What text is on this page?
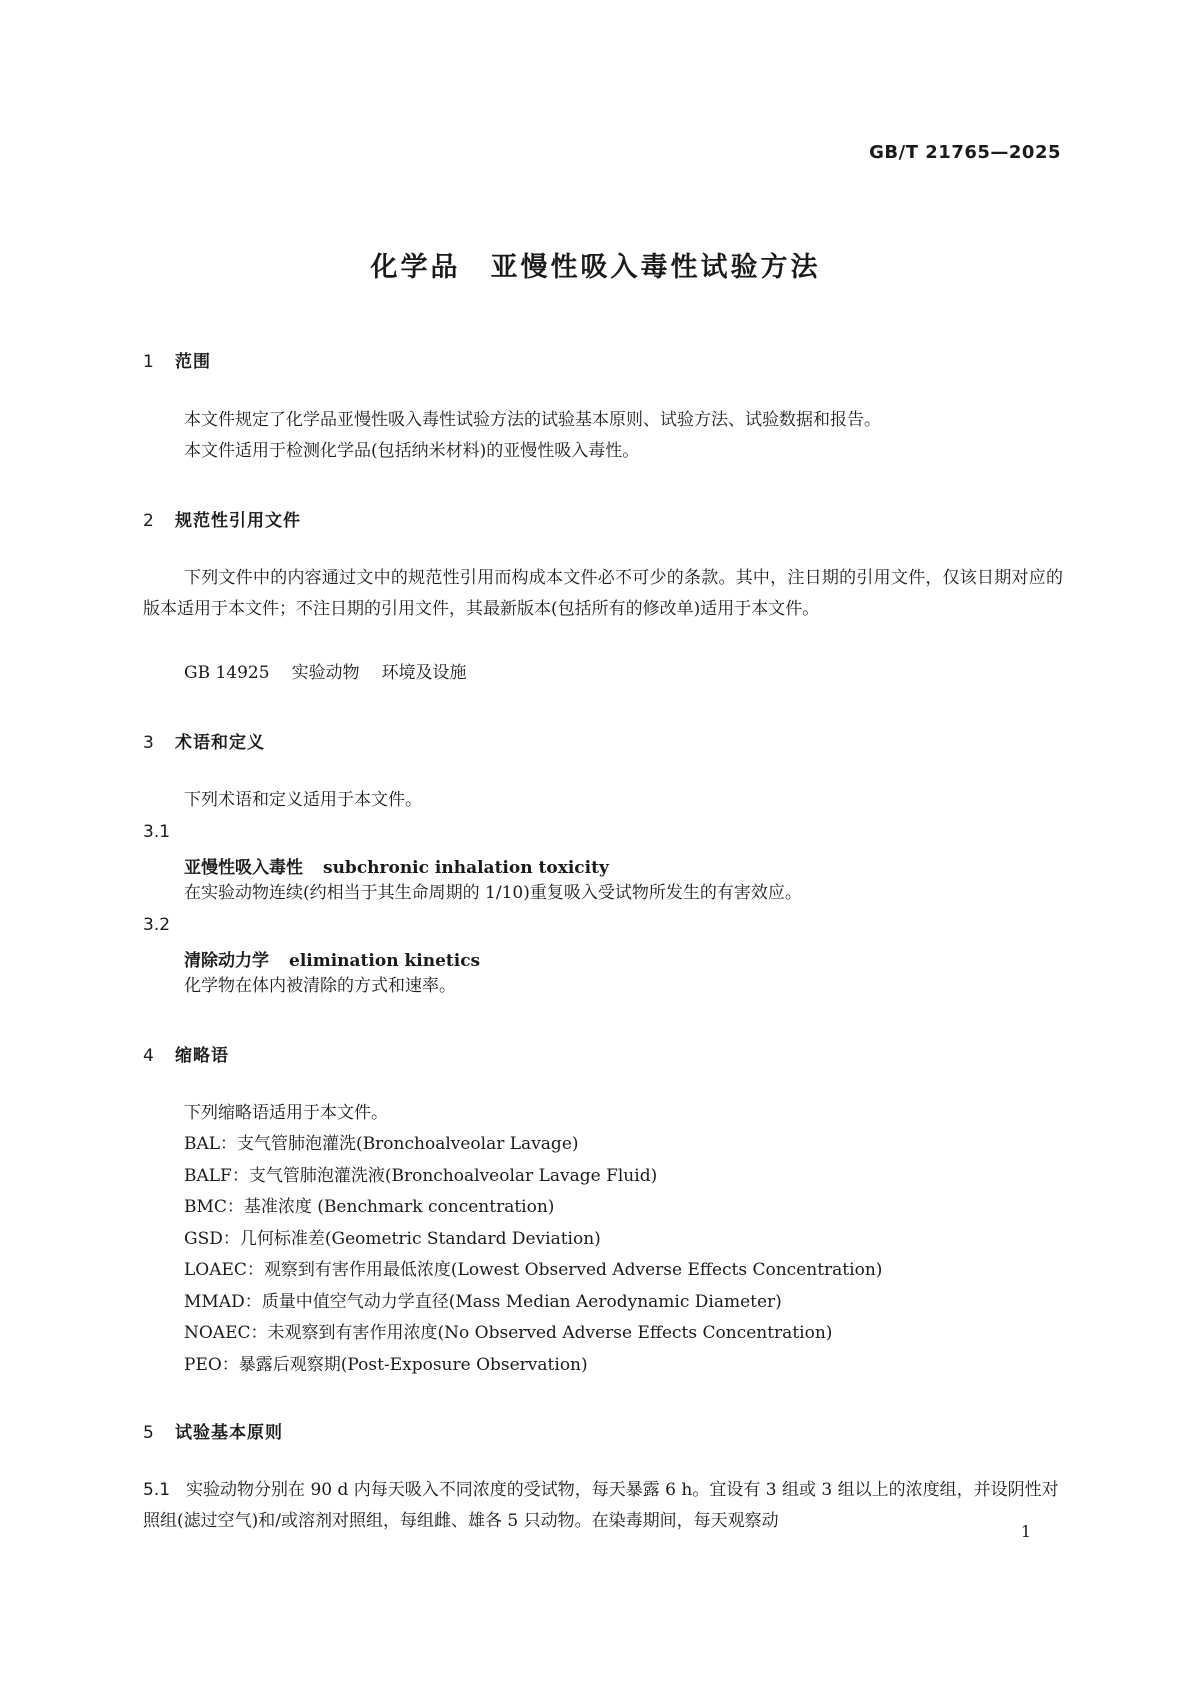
GB/T 21765—2025
化学品　亚慢性吸入毒性试验方法
1 范围
本文件规定了化学品亚慢性吸入毒性试验方法的试验基本原则、试验方法、试验数据和报告。
本文件适用于检测化学品(包括纳米材料)的亚慢性吸入毒性。
2 规范性引用文件
下列文件中的内容通过文中的规范性引用而构成本文件必不可少的条款。其中，注日期的引用文件，仅该日期对应的版本适用于本文件；不注日期的引用文件，其最新版本(包括所有的修改单)适用于本文件。
GB 14925 实验动物 环境及设施
3 术语和定义
下列术语和定义适用于本文件。
3.1
亚慢性吸入毒性 subchronic inhalation toxicity
在实验动物连续(约相当于其生命周期的 1/10)重复吸入受试物所发生的有害效应。
3.2
清除动力学 elimination kinetics
化学物在体内被清除的方式和速率。
4 缩略语
下列缩略语适用于本文件。
BAL：支气管肺泡灌洗(Bronchoalveolar Lavage)
BALF：支气管肺泡灌洗液(Bronchoalveolar Lavage Fluid)
BMC：基准浓度 (Benchmark concentration)
GSD：几何标准差(Geometric Standard Deviation)
LOAEC：观察到有害作用最低浓度(Lowest Observed Adverse Effects Concentration)
MMAD：质量中值空气动力学直径(Mass Median Aerodynamic Diameter)
NOAEC：未观察到有害作用浓度(No Observed Adverse Effects Concentration)
PEO：暴露后观察期(Post-Exposure Observation)
5 试验基本原则
5.1 实验动物分别在 90 d 内每天吸入不同浓度的受试物，每天暴露 6 h。宜设有 3 组或 3 组以上的浓度组，并设阴性对照组(滤过空气)和/或溶剂对照组，每组雌、雄各 5 只动物。在染毒期间，每天观察动
1
